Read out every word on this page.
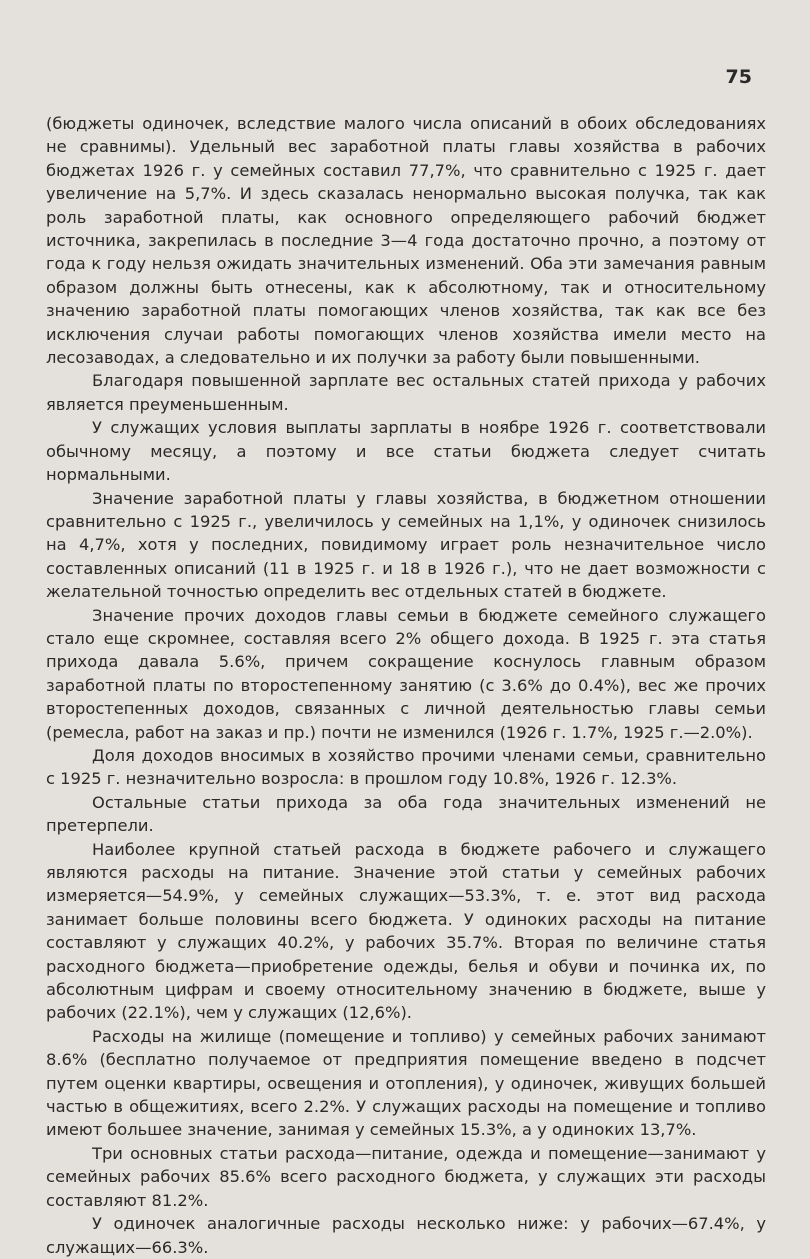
75

(бюджеты одиночек, вследствие малого числа описаний в обоих обследованиях не сравнимы). Удельный вес заработной платы главы хозяйства в рабочих бюджетах 1926 г. у семейных составил 77,7%, что сравнительно с 1925 г. дает увеличение на 5,7%. И здесь сказалась ненормально высокая получка, так как роль заработной платы, как основного определяющего рабочий бюджет источника, закрепилась в последние 3—4 года достаточно прочно, а поэтому от года к году нельзя ожидать значительных изменений. Оба эти замечания равным образом должны быть отнесены, как к абсолютному, так и относительному значению заработной платы помогающих членов хозяйства, так как все без исключения случаи работы помогающих членов хозяйства имели место на лесозаводах, а следовательно и их получки за работу были повышенными.

Благодаря повышенной зарплате вес остальных статей прихода у рабочих является преуменьшенным.

У служащих условия выплаты зарплаты в ноябре 1926 г. соответствовали обычному месяцу, а поэтому и все статьи бюджета следует считать нормальными.

Значение заработной платы у главы хозяйства, в бюджетном отношении сравнительно с 1925 г., увеличилось у семейных на 1,1%, у одиночек снизилось на 4,7%, хотя у последних, повидимому играет роль незначительное число составленных описаний (11 в 1925 г. и 18 в 1926 г.), что не дает возможности с желательной точностью определить вес отдельных статей в бюджете.

Значение прочих доходов главы семьи в бюджете семейного служащего стало еще скромнее, составляя всего 2% общего дохода. В 1925 г. эта статья прихода давала 5.6%, причем сокращение коснулось главным образом заработной платы по второстепенному занятию (с 3.6% до 0.4%), вес же прочих второстепенных доходов, связанных с личной деятельностью главы семьи (ремесла, работ на заказ и пр.) почти не изменился (1926 г. 1.7%, 1925 г.—2.0%).

Доля доходов вносимых в хозяйство прочими членами семьи, сравнительно с 1925 г. незначительно возросла: в прошлом году 10.8%, 1926 г. 12.3%.

Остальные статьи прихода за оба года значительных изменений не претерпели.

Наиболее крупной статьей расхода в бюджете рабочего и служащего являются расходы на питание. Значение этой статьи у семейных рабочих измеряется—54.9%, у семейных служащих—53.3%, т. е. этот вид расхода занимает больше половины всего бюджета. У одиноких расходы на питание составляют у служащих 40.2%, у рабочих 35.7%. Вторая по величине статья расходного бюджета—приобретение одежды, белья и обуви и починка их, по абсолютным цифрам и своему относительному значению в бюджете, выше у рабочих (22.1%), чем у служащих (12,6%).

Расходы на жилище (помещение и топливо) у семейных рабочих занимают 8.6% (бесплатно получаемое от предприятия помещение введено в подсчет путем оценки квартиры, освещения и отопления), у одиночек, живущих большей частью в общежитиях, всего 2.2%. У служащих расходы на помещение и топливо имеют большее значение, занимая у семейных 15.3%, а у одиноких 13,7%.

Три основных статьи расхода—питание, одежда и помещение—занимают у семейных рабочих 85.6% всего расходного бюджета, у служащих эти расходы составляют 81.2%.

У одиночек аналогичные расходы несколько ниже: у рабочих—67.4%, у служащих—66.3%.
